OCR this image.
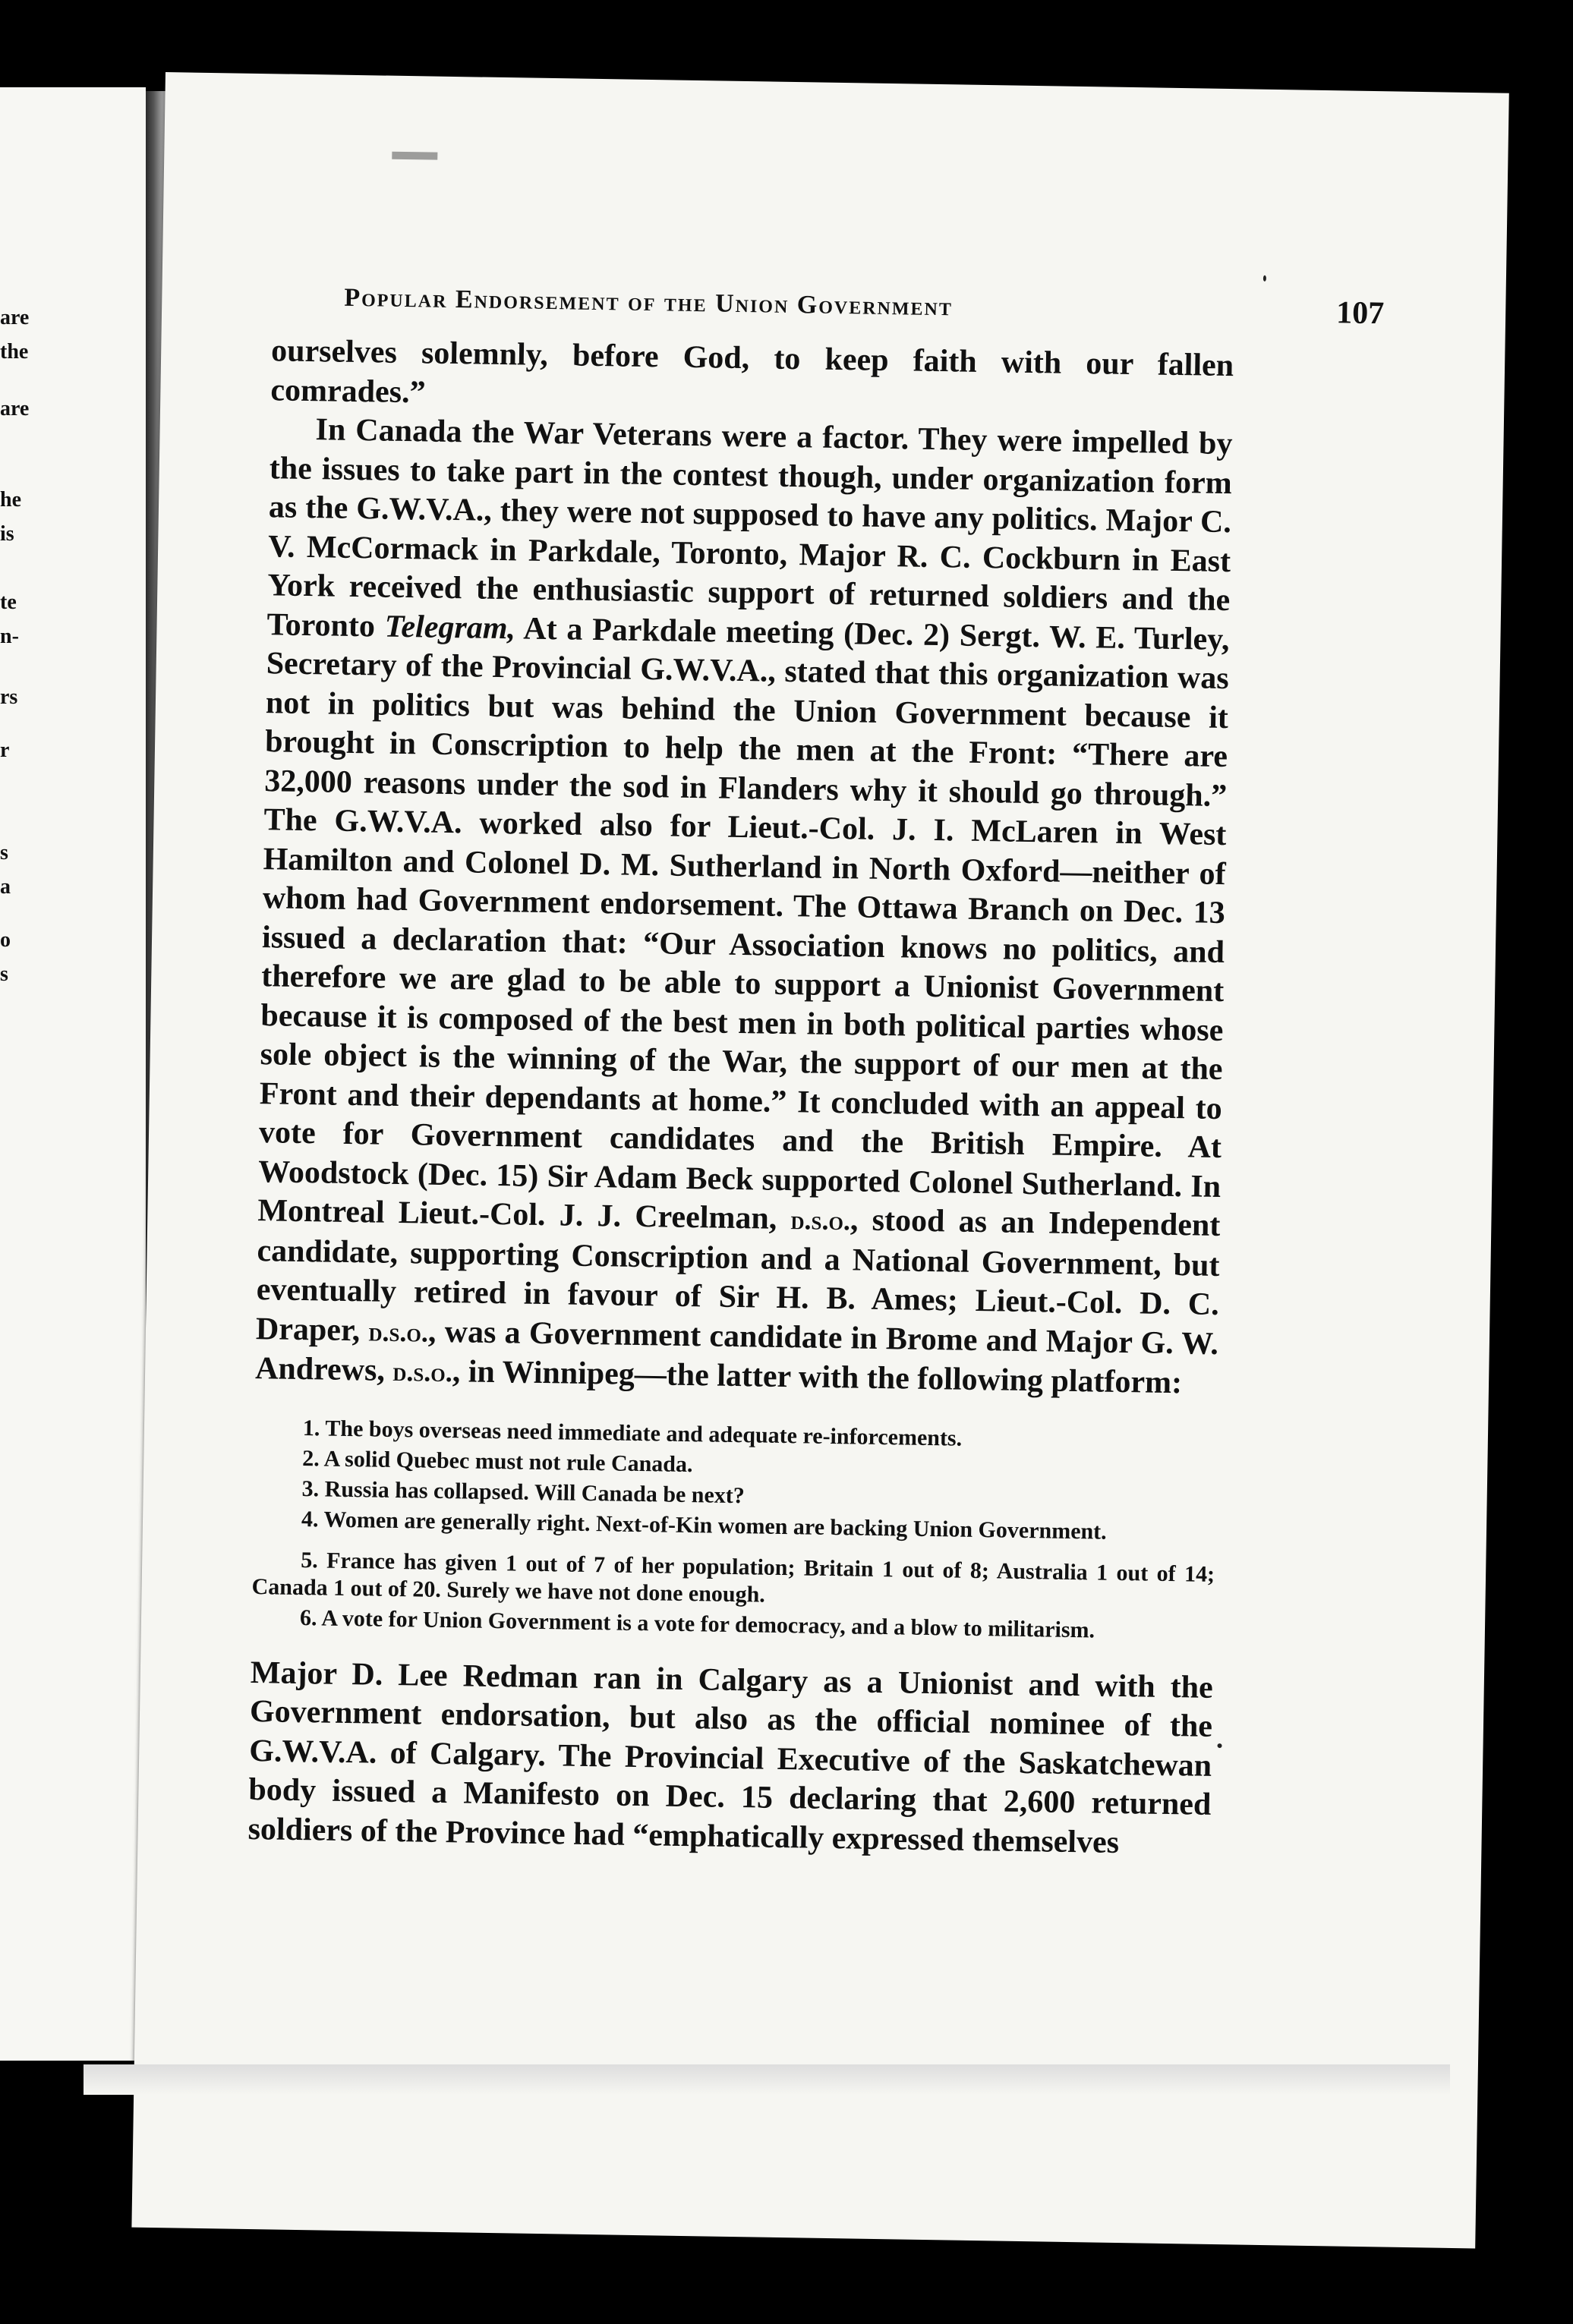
are
the
are
he
is
te
n-
rs
r
s
a
o
s
Popular Endorsement of the Union Government	107

ourselves solemnly, before God, to keep faith with our fallen comrades.”

In Canada the War Veterans were a factor. They were impelled by the issues to take part in the contest though, under organization form as the G.W.V.A., they were not supposed to have any politics. Major C. V. McCormack in Parkdale, Toronto, Major R. C. Cockburn in East York received the enthusiastic support of returned soldiers and the Toronto Telegram, At a Parkdale meeting (Dec. 2) Sergt. W. E. Turley, Secretary of the Provincial G.W.V.A., stated that this organization was not in politics but was behind the Union Government because it brought in Conscription to help the men at the Front: “There are 32,000 reasons under the sod in Flanders why it should go through.” The G.W.V.A. worked also for Lieut.-Col. J. I. McLaren in West Hamilton and Colonel D. M. Sutherland in North Oxford—neither of whom had Government endorsement. The Ottawa Branch on Dec. 13 issued a declaration that: “Our Association knows no politics, and therefore we are glad to be able to support a Unionist Government because it is composed of the best men in both political parties whose sole object is the winning of the War, the support of our men at the Front and their dependants at home.” It concluded with an appeal to vote for Government candidates and the British Empire. At Woodstock (Dec. 15) Sir Adam Beck supported Colonel Sutherland. In Montreal Lieut.-Col. J. J. Creelman, d.s.o., stood as an Independent candidate, supporting Conscription and a National Government, but eventually retired in favour of Sir H. B. Ames; Lieut.-Col. D. C. Draper, d.s.o., was a Government candidate in Brome and Major G. W. Andrews, d.s.o., in Winnipeg—the latter with the following platform:

1. The boys overseas need immediate and adequate re-inforcements.
2. A solid Quebec must not rule Canada.
3. Russia has collapsed. Will Canada be next?
4. Women are generally right. Next-of-Kin women are backing Union Government.
5. France has given 1 out of 7 of her population; Britain 1 out of 8; Australia 1 out of 14; Canada 1 out of 20. Surely we have not done enough.
6. A vote for Union Government is a vote for democracy, and a blow to militarism.

Major D. Lee Redman ran in Calgary as a Unionist and with the Government endorsation, but also as the official nominee of the G.W.V.A. of Calgary. The Provincial Executive of the Saskatchewan body issued a Manifesto on Dec. 15 declaring that 2,600 returned soldiers of the Province had “emphatically expressed themselves
